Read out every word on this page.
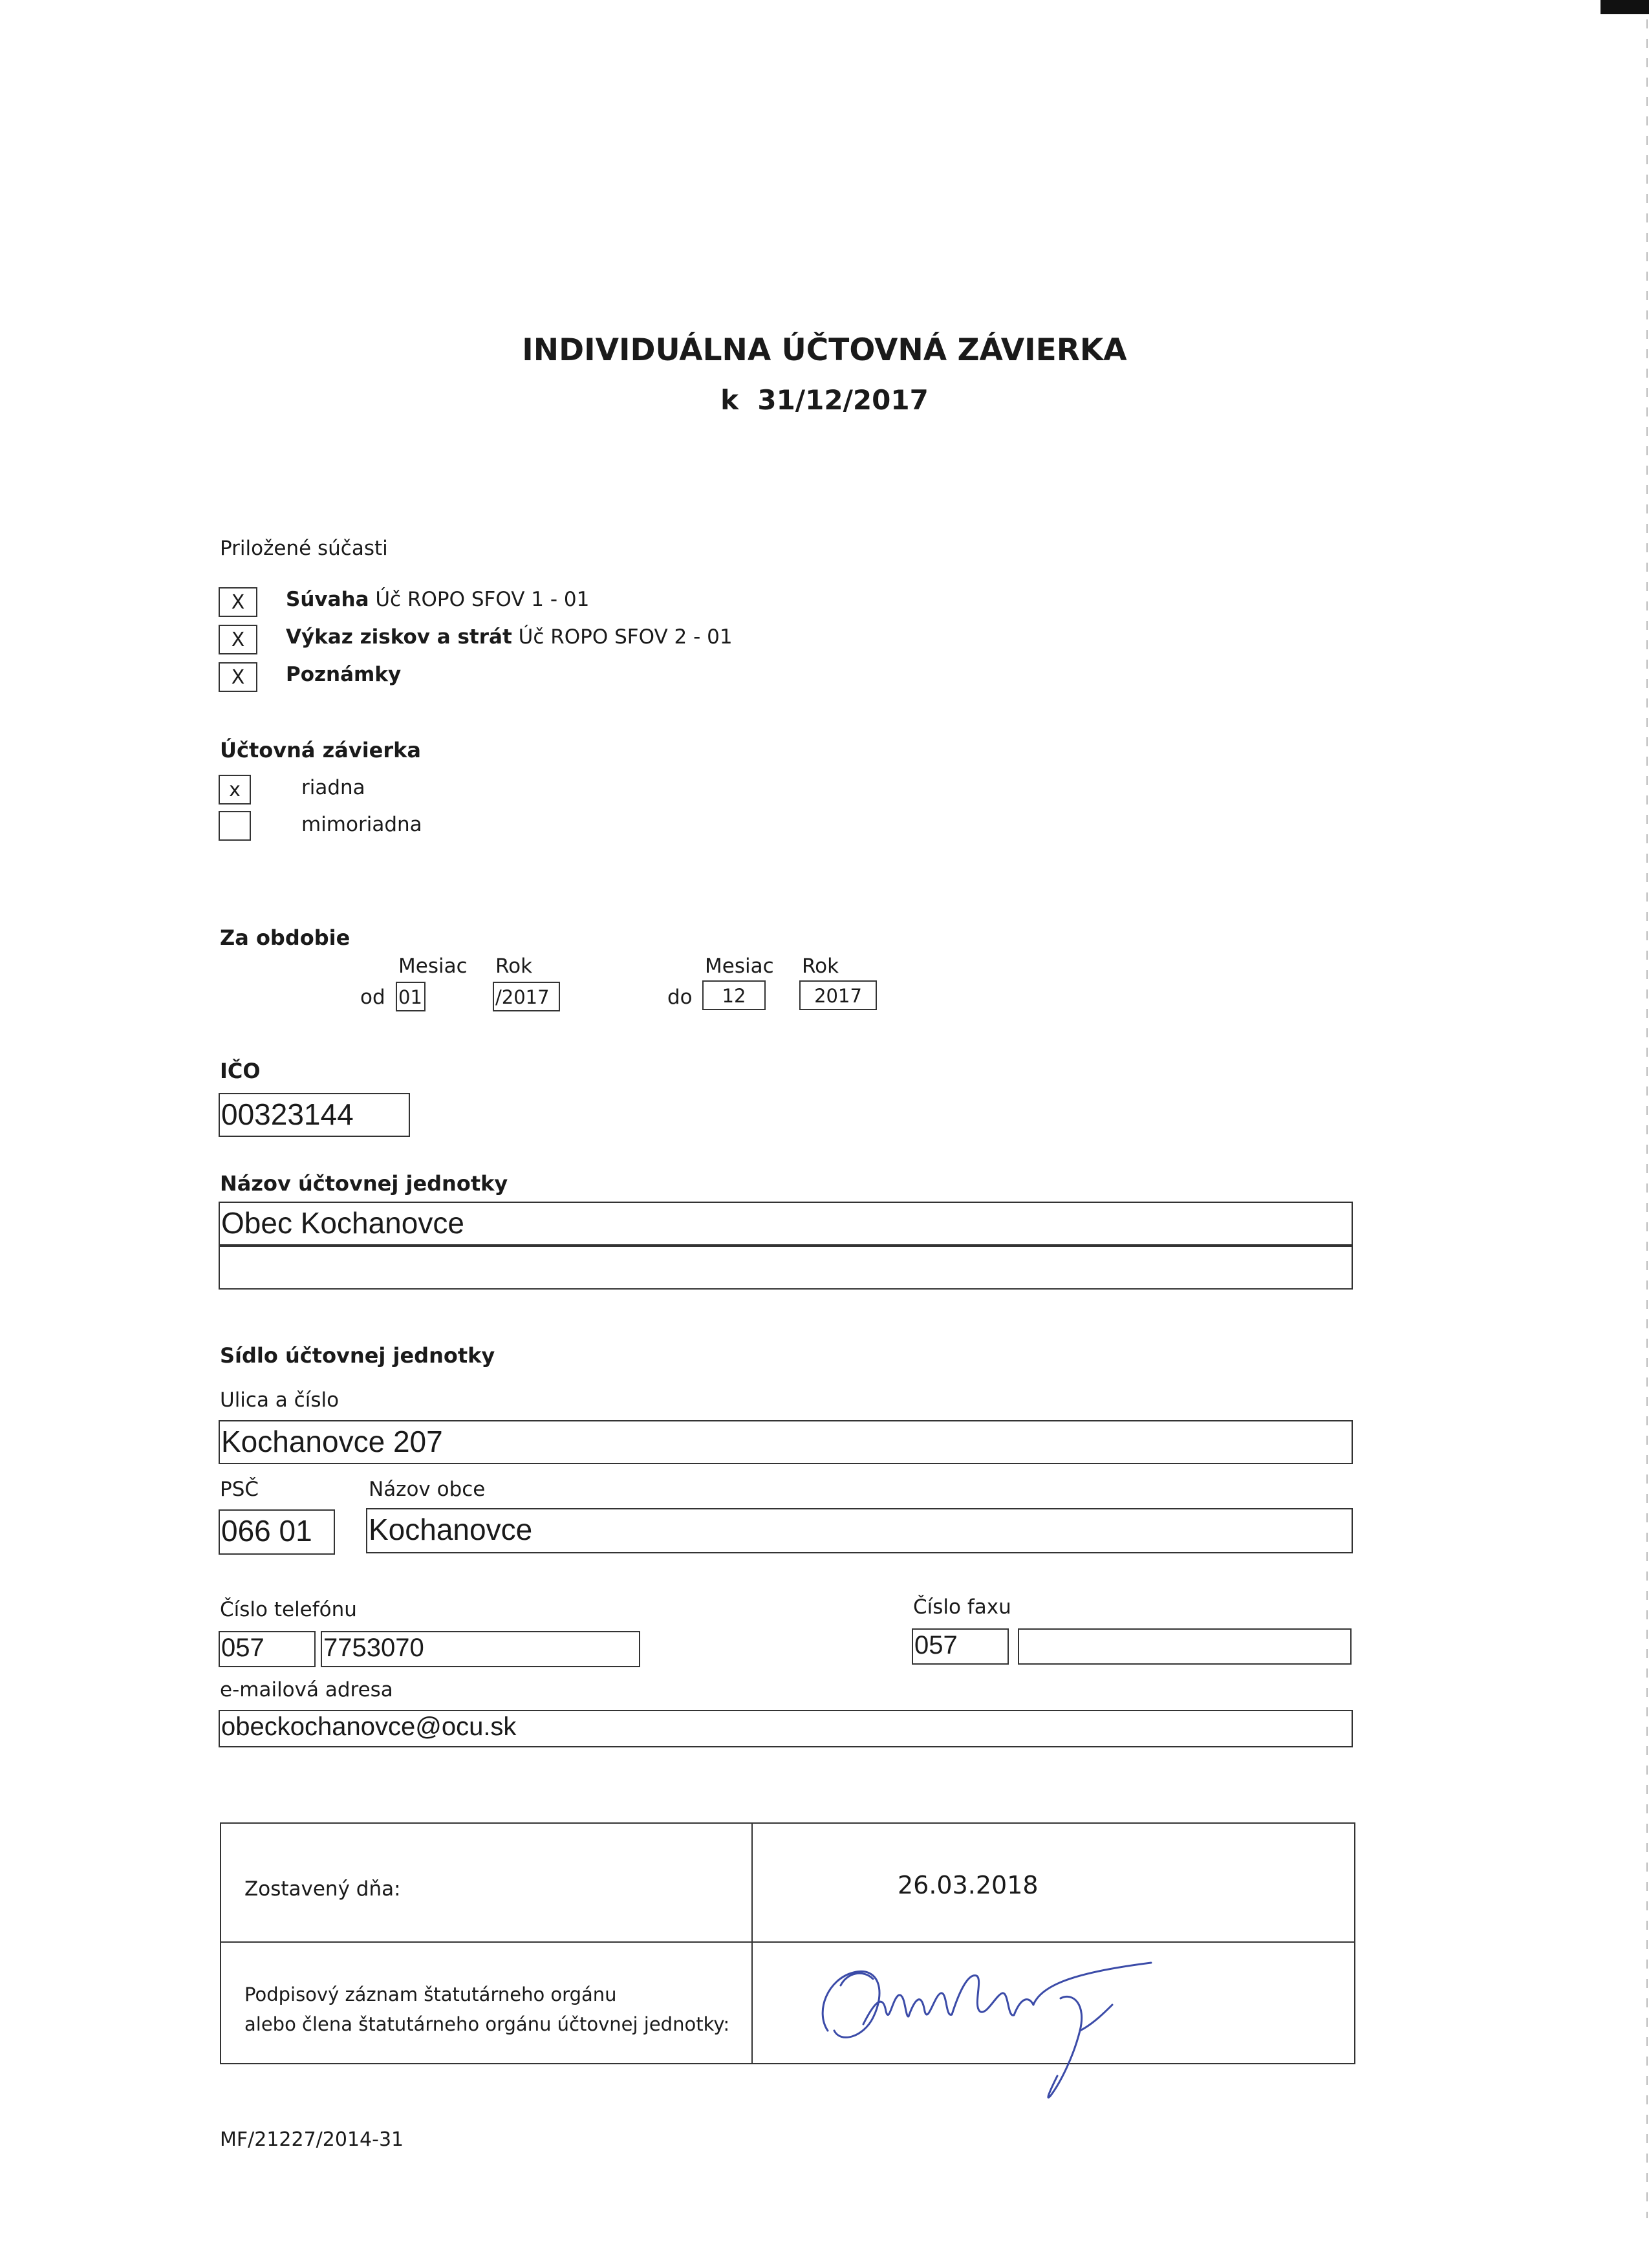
INDIVIDUÁLNA ÚČTOVNÁ ZÁVIERKA
k  31/12/2017
Priložené súčasti
X Súvaha Úč ROPO SFOV 1 - 01
X Výkaz ziskov a strát Úč ROPO SFOV 2 - 01
X Poznámky
Účtovná závierka
x	riadna
mimoriadna
Za obdobie
Mesiac Rok	Mesiac Rok
od 01	/2017	do	12	2017
IČO
00323144
Názov účtovnej jednotky
Obec Kochanovce
Sídlo účtovnej jednotky
Ulica a číslo
Kochanovce 207
PSČ	Názov obce
066 01 Kochanovce
Číslo telefónu
057 7753070
Číslo faxu
057
e-mailová adresa
obeckochanovce@ocu.sk
Zostavený dňa:	26.03.2018
Podpisový záznam štatutárneho orgánu
alebo člena štatutárneho orgánu účtovnej jednotky:
MF/21227/2014-31
